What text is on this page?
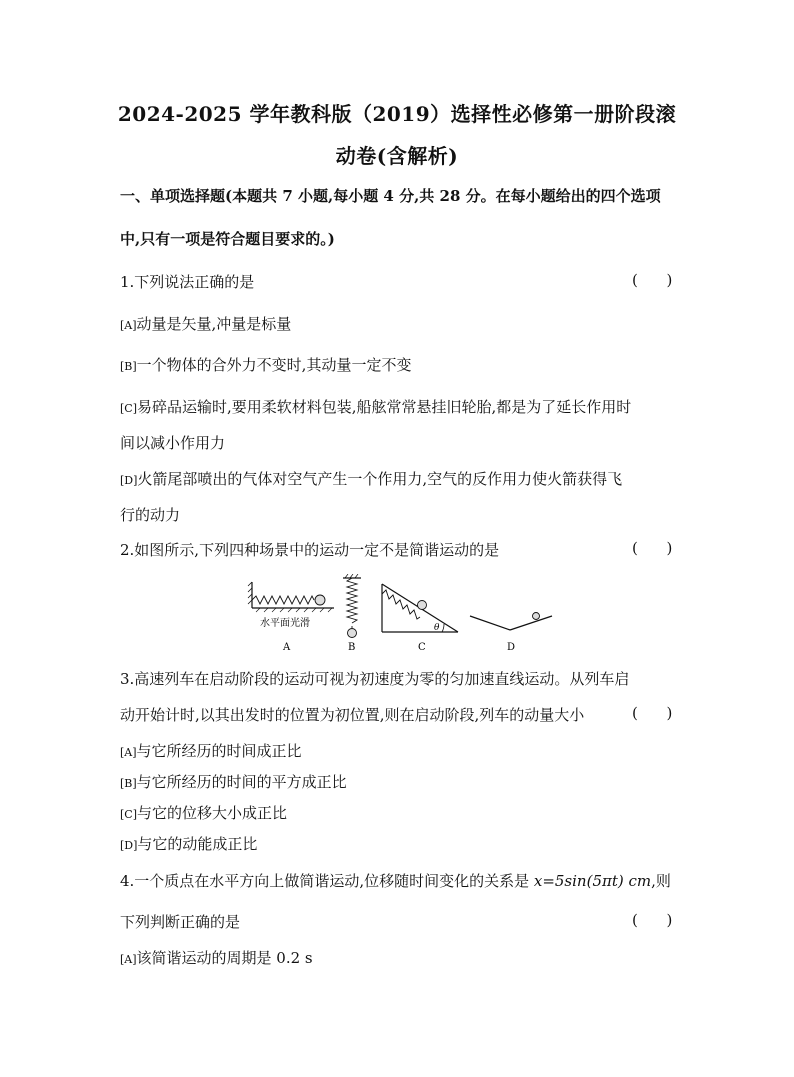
2024-2025 学年教科版（2019）选择性必修第一册阶段滚
动卷(含解析)
一、单项选择题(本题共 7 小题,每小题 4 分,共 28 分。在每小题给出的四个选项
中,只有一项是符合题目要求的。)
1.下列说法正确的是	(      )
[A]动量是矢量,冲量是标量
[B]一个物体的合外力不变时,其动量一定不变
[C]易碎品运输时,要用柔软材料包装,船舷常常悬挂旧轮胎,都是为了延长作用时
间以减小作用力
[D]火箭尾部喷出的气体对空气产生一个作用力,空气的反作用力使火箭获得飞
行的动力
2.如图所示,下列四种场景中的运动一定不是简谐运动的是	(      )
水平面光滑
A	B
θ
C	D
3.高速列车在启动阶段的运动可视为初速度为零的匀加速直线运动。从列车启
动开始计时,以其出发时的位置为初位置,则在启动阶段,列车的动量大小	(      )
[A]与它所经历的时间成正比
[B]与它所经历的时间的平方成正比
[C]与它的位移大小成正比
[D]与它的动能成正比
4.一个质点在水平方向上做简谐运动,位移随时间变化的关系是 x=5sin(5πt) cm,则
下列判断正确的是	(      )
[A]该简谐运动的周期是 0.2 s
